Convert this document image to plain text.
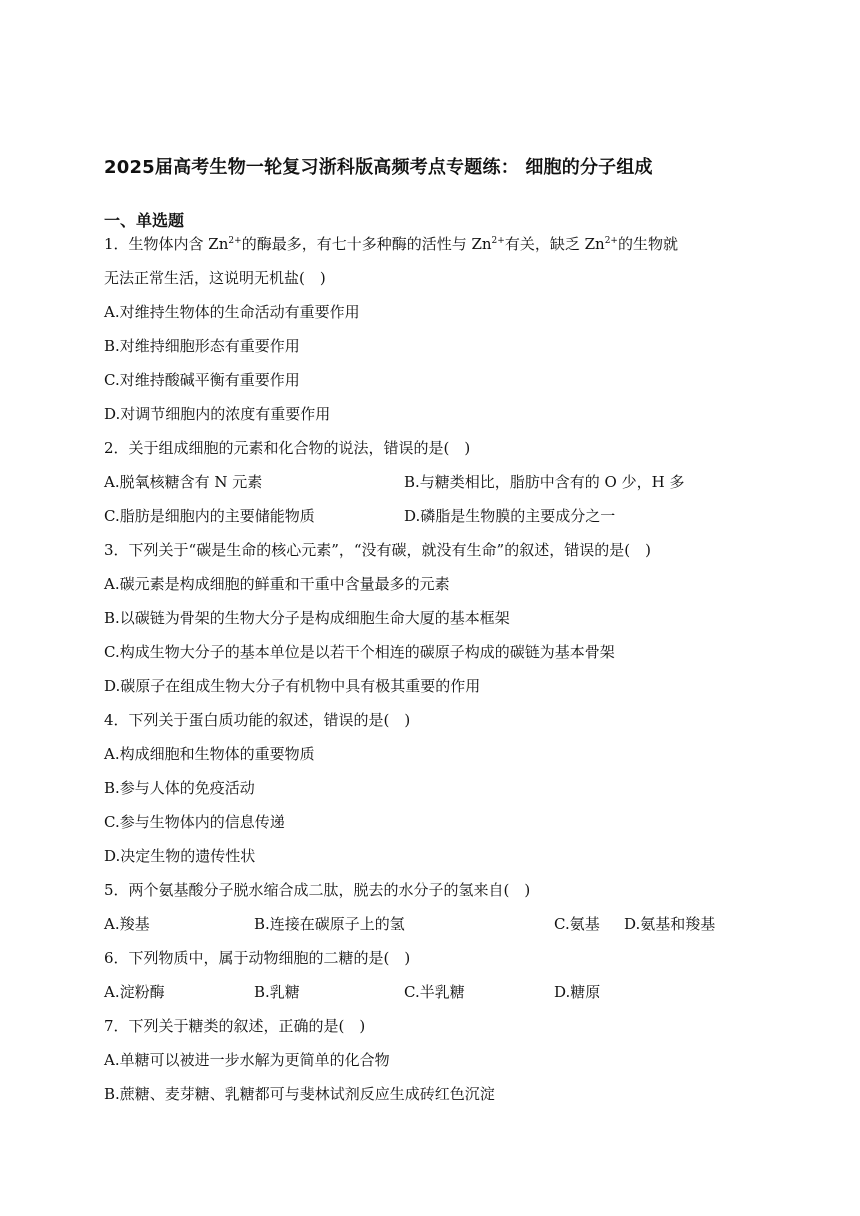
2025届高考生物一轮复习浙科版高频考点专题练： 细胞的分子组成
一、单选题
1．生物体内含 $Zn^{2+}$的酶最多，有七十多种酶的活性与 $Zn^{2+}$有关，缺乏 $Zn^{2+}$的生物就
无法正常生活，这说明无机盐(　)
A.对维持生物体的生命活动有重要作用
B.对维持细胞形态有重要作用
C.对维持酸碱平衡有重要作用
D.对调节细胞内的浓度有重要作用
2．关于组成细胞的元素和化合物的说法，错误的是(　)
A.脱氧核糖含有 N 元素	B.与糖类相比，脂肪中含有的 O 少，H 多
C.脂肪是细胞内的主要储能物质	D.磷脂是生物膜的主要成分之一
3．下列关于“碳是生命的核心元素”，“没有碳，就没有生命”的叙述，错误的是(　)
A.碳元素是构成细胞的鲜重和干重中含量最多的元素
B.以碳链为骨架的生物大分子是构成细胞生命大厦的基本框架
C.构成生物大分子的基本单位是以若干个相连的碳原子构成的碳链为基本骨架
D.碳原子在组成生物大分子有机物中具有极其重要的作用
4．下列关于蛋白质功能的叙述，错误的是(　)
A.构成细胞和生物体的重要物质
B.参与人体的免疫活动
C.参与生物体内的信息传递
D.决定生物的遗传性状
5．两个氨基酸分子脱水缩合成二肽，脱去的水分子的氢来自(　)
A.羧基	B.连接在碳原子上的氢	C.氨基 D.氨基和羧基
6．下列物质中，属于动物细胞的二糖的是(　)
A.淀粉酶	B.乳糖	C.半乳糖	D.糖原
7．下列关于糖类的叙述，正确的是(　)
A.单糖可以被进一步水解为更简单的化合物
B.蔗糖、麦芽糖、乳糖都可与斐林试剂反应生成砖红色沉淀
